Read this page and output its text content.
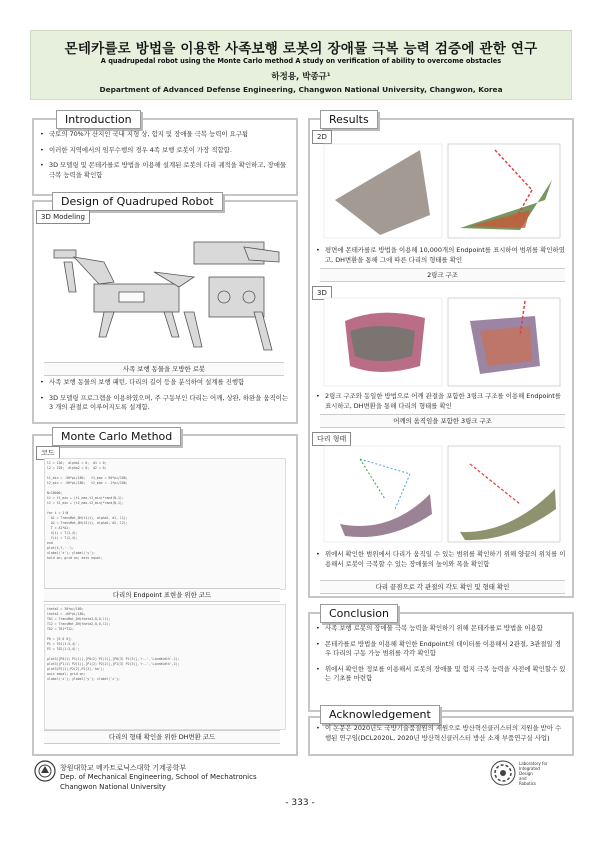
몬테카를로 방법을 이용한 사족보행 로봇의 장애물 극복 능력 검증에 관한 연구
A quadrupedal robot using the Monte Carlo method A study on verification of ability to overcome obstacles
하정용, 박종규¹
Department of Advanced Defense Engineering, Changwon National University, Changwon, Korea
Introduction
• 국토의 70%가 산지인 국내 지형 상, 험지 및 장애물 극복 능력이 요구됨
• 이러한 지역에서의 임무수행의 경우 4족 보행 로봇이 가장 적합함.
• 3D 모델링 및 몬테카를로 방법을 이용해 설계된 로봇의 다리 궤적을 확인하고, 장애물 극복 능력을 확인함
Design of Quadruped Robot
3D Modeling
사족 보행 동물을 모방한 로봇
• 사족 보행 동물의 보행 패턴, 다리의 길이 등을 분석하여 설계를 진행함
• 3D 모델링 프로그램을 이용하였으며, 주 구동부인 다리는 어깨, 상완, 하완을 움직이는 3 개의 관절로 이루어지도록 설계함.
Monte Carlo Method
코드
l1 = 120;  alpha1 = 0;  d1 = 0;
l2 = 120;  alpha2 = 0;  d2 = 0;

t1_min = -90*pi/180;   t1_max = 90*pi/180;
t2_min = -90*pi/180;   t2_max = -1*pi/180;

N=10000;
t1 = t1_min + (t1_max-t1_min)*rand(N,1);
t2 = t2_min + (t2_max-t2_min)*rand(N,1);

for i = 1:N
A1 = TransMat_DH(t1(i), alpha1, d1, l1);
A2 = TransMat_DH(t2(i), alpha2, d2, l2);
T = A1*A2;
X(i) = T(1,4);
Y(i) = T(2,4);
end
plot(X,Y,'.');
xlabel('x'); ylabel('y');
hold on; grid on; axis equal;

다리의 Endpoint 표현을 위한 코드
theta1 = 30*pi/180;
theta2 = -60*pi/180;
T01 = TransMat_DH(theta1,0,0,l1);
T12 = TransMat_DH(theta2,0,0,l2);
T02 = T01*T12;

P0 = [0 0 0];
P1 = T01(1:3,4)';
P2 = T02(1:3,4)';

plot3([P0(1) P1(1)],[P0(2) P1(2)],[P0(3) P1(3)],'r--','LineWidth',2);
plot3([P1(1) P2(1)],[P1(2) P2(2)],[P1(3) P2(3)],'r--','LineWidth',2);
plot3(P2(1),P2(2),P2(3),'ko');
axis equal; grid on;
xlabel('x'); ylabel('y'); zlabel('z');

다리의 형태 확인을 위한 DH변환 코드
Results
2D
• 평면에 몬테카를로 방법을 이용해 10,000개의 Endpoint를 표시하여 범위를 확인하였고, DH변환을 통해 그에 따른 다리의 형태를 확인
2링크 구조
3D
• 2링크 구조와 동일한 방법으로 어깨 관절을 포함한 3링크 구조를 이용해 Endpoint를 표시하고, DH변환을 통해 다리의 형태를 확인
어깨의 움직임을 포함한 3링크 구조
다리 형태
• 위에서 확인한 범위에서 다리가 움직일 수 있는 범위를 확인하기 위해 양끝의 위치를 이용해서 로봇이 극복할 수 있는 장애물의 높이와 폭을 확인함
다리 끝점으로 각 관절의 각도 확인 및 형태 확인
Conclusion
• 사족 보행 로봇의 장애물 극복 능력을 확인하기 위해 몬테카를로 방법을 이용함
• 몬테카를로 방법을 이용해 확인한 Endpoint의 데이터를 이용해서 2관절, 3관절일 경우 다리의 구동 가능 범위를 각각 확인함
• 위에서 확인한 정보를 이용해서 로봇의 장애물 및 험지 극복 능력을 사전에 확인할수 있는 기초를 마련함
Acknowledgement
• 이 논문은 2020년도 국방기술품질원의 재원으로 방산혁신클러스터의 지원을 받아 수행된 연구임(DCL2020L, 2020년 방산혁신클러스터 방산 소재 부품연구실 사업)
창원대학교 메카트로닉스대학 기계공학부
Dep. of Mechanical Engineering, School of Mechatronics
Changwon National University
Laboratory for
Integrated
Design
and
Robotics
- 333 -
